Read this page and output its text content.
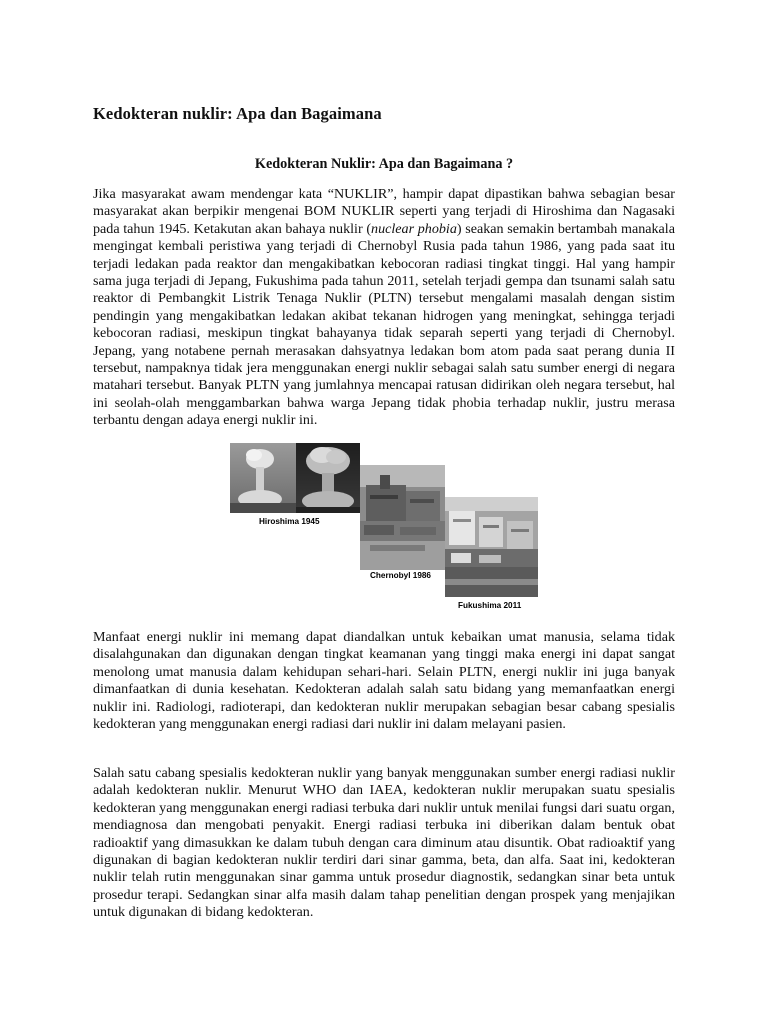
Kedokteran nuklir: Apa dan Bagaimana
Kedokteran Nuklir: Apa dan Bagaimana ?

Jika masyarakat awam mendengar kata “NUKLIR”, hampir dapat dipastikan bahwa sebagian besar masyarakat akan berpikir mengenai BOM NUKLIR seperti yang terjadi di Hiroshima dan Nagasaki pada tahun 1945. Ketakutan akan bahaya nuklir (nuclear phobia) seakan semakin bertambah manakala mengingat kembali peristiwa yang terjadi di Chernobyl Rusia pada tahun 1986, yang pada saat itu terjadi ledakan pada reaktor dan mengakibatkan kebocoran radiasi tingkat tinggi. Hal yang hampir sama juga terjadi di Jepang, Fukushima pada tahun 2011, setelah terjadi gempa dan tsunami salah satu reaktor di Pembangkit Listrik Tenaga Nuklir (PLTN) tersebut mengalami masalah dengan sistim pendingin yang mengakibatkan ledakan akibat tekanan hidrogen yang meningkat, sehingga terjadi kebocoran radiasi, meskipun tingkat bahayanya tidak separah seperti yang terjadi di Chernobyl. Jepang, yang notabene pernah merasakan dahsyatnya ledakan bom atom pada saat perang dunia II tersebut, nampaknya tidak jera menggunakan energi nuklir sebagai salah satu sumber energi di negara matahari tersebut. Banyak PLTN yang jumlahnya mencapai ratusan didirikan oleh negara tersebut, hal ini seolah-olah menggambarkan bahwa warga Jepang tidak phobia terhadap nuklir, justru merasa terbantu dengan adaya energi nuklir ini.

Hiroshima 1945
Chernobyl 1986
Fukushima 2011

Manfaat energi nuklir ini memang dapat diandalkan untuk kebaikan umat manusia, selama tidak disalahgunakan dan digunakan dengan tingkat keamanan yang tinggi maka energi ini dapat sangat menolong umat manusia dalam kehidupan sehari-hari. Selain PLTN, energi nuklir ini juga banyak dimanfaatkan di dunia kesehatan. Kedokteran adalah salah satu bidang yang memanfaatkan energi nuklir ini. Radiologi, radioterapi, dan kedokteran nuklir merupakan sebagian besar cabang spesialis kedokteran yang menggunakan energi radiasi dari nuklir ini dalam melayani pasien.

Salah satu cabang spesialis kedokteran nuklir yang banyak menggunakan sumber energi radiasi nuklir adalah kedokteran nuklir. Menurut WHO dan IAEA, kedokteran nuklir merupakan suatu spesialis kedokteran yang menggunakan energi radiasi terbuka dari nuklir untuk menilai fungsi dari suatu organ, mendiagnosa dan mengobati penyakit. Energi radiasi terbuka ini diberikan dalam bentuk obat radioaktif yang dimasukkan ke dalam tubuh dengan cara diminum atau disuntik. Obat radioaktif yang digunakan di bagian kedokteran nuklir terdiri dari sinar gamma, beta, dan alfa. Saat ini, kedokteran nuklir telah rutin menggunakan sinar gamma untuk prosedur diagnostik, sedangkan sinar beta untuk prosedur terapi. Sedangkan sinar alfa masih dalam tahap penelitian dengan prospek yang menjajikan untuk digunakan di bidang kedokteran.
